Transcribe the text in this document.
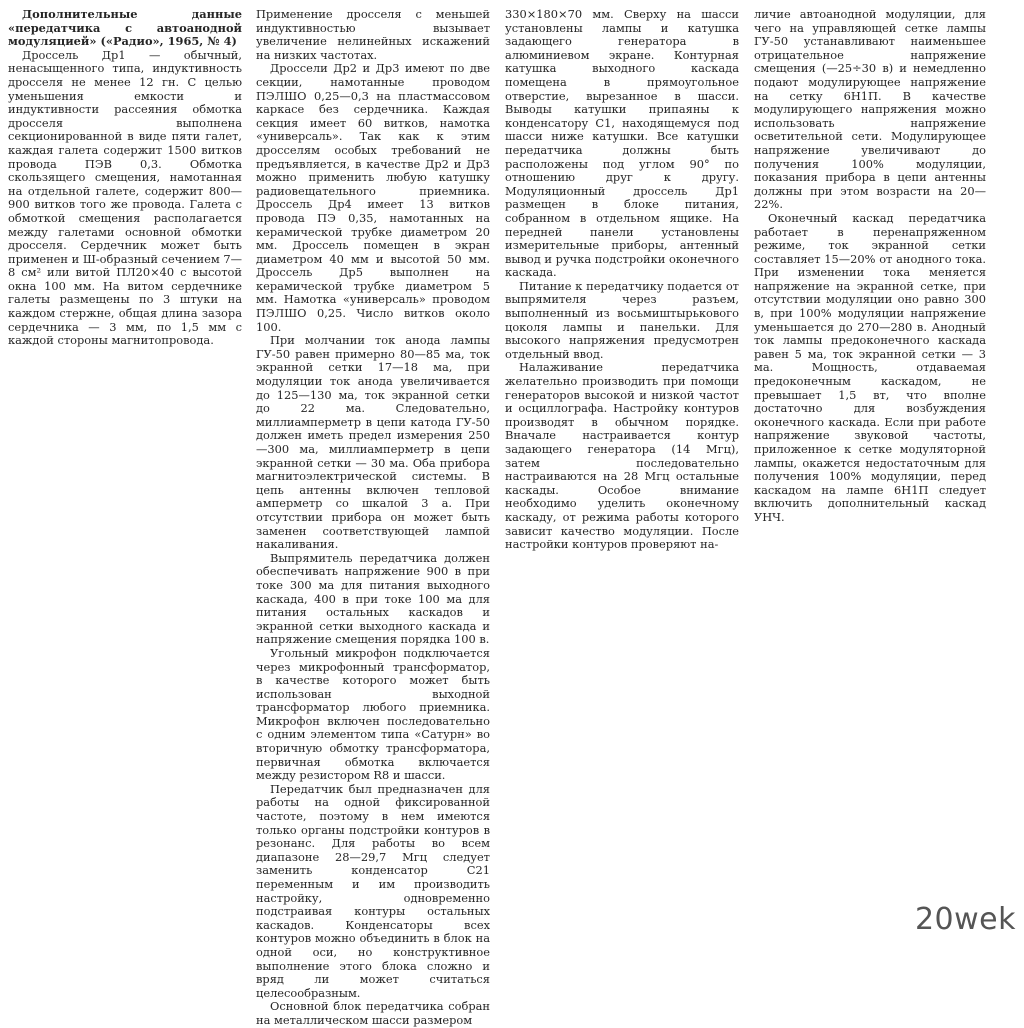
Дополнительные данные «передатчика с автоанодной модуляцией» («Радио», 1965, № 4)

Дроссель Др1 — обычный, ненасыщенного типа, индуктивность дросселя не менее 12 гн. С целью уменьшения емкости и индуктивности рассеяния обмотка дросселя выполнена секционированной в виде пяти галет, каждая галета содержит 1500 витков провода ПЭВ 0,3. Обмотка скользящего смещения, намотанная на отдельной галете, содержит 800—900 витков того же провода. Галета с обмоткой смещения располагается между галетами основной обмотки дросселя. Сердечник может быть применен и Ш-образный сечением 7—8 см² или витой ПЛ20×40 с высотой окна 100 мм. На витом сердечнике галеты размещены по 3 штуки на каждом стержне, общая длина зазора сердечника — 3 мм, по 1,5 мм с каждой стороны магнитопровода.

Применение дросселя с меньшей индуктивностью вызывает увеличение нелинейных искажений на низких частотах.

Дроссели Др2 и Др3 имеют по две секции, намотанные проводом ПЭЛШО 0,25—0,3 на пластмассовом каркасе без сердечника. Каждая секция имеет 60 витков, намотка «универсаль». Так как к этим дросселям особых требований не предъявляется, в качестве Др2 и Др3 можно применить любую катушку радиовещательного приемника. Дроссель Др4 имеет 13 витков провода ПЭ 0,35, намотанных на керамической трубке диаметром 20 мм. Дроссель помещен в экран диаметром 40 мм и высотой 50 мм. Дроссель Др5 выполнен на керамической трубке диаметром 5 мм. Намотка «универсаль» проводом ПЭЛШО 0,25. Число витков около 100.

При молчании ток анода лампы ГУ-50 равен примерно 80—85 ма, ток экранной сетки 17—18 ма, при модуляции ток анода увеличивается до 125—130 ма, ток экранной сетки до 22 ма. Следовательно, миллиамперметр в цепи катода ГУ-50 должен иметь предел измерения 250—300 ма, миллиамперметр в цепи экранной сетки — 30 ма. Оба прибора магнитоэлектрической системы. В цепь антенны включен тепловой амперметр со шкалой 3 а. При отсутствии прибора он может быть заменен соответствующей лампой накаливания.

Выпрямитель передатчика должен обеспечивать напряжение 900 в при токе 300 ма для питания выходного каскада, 400 в при токе 100 ма для питания остальных каскадов и экранной сетки выходного каскада и напряжение смещения порядка 100 в.

Угольный микрофон подключается через микрофонный трансформатор, в качестве которого может быть использован выходной трансформатор любого приемника. Микрофон включен последовательно с одним элементом типа «Сатурн» во вторичную обмотку трансформатора, первичная обмотка включается между резистором R8 и шасси.

Передатчик был предназначен для работы на одной фиксированной частоте, поэтому в нем имеются только органы подстройки контуров в резонанс. Для работы во всем диапазоне 28—29,7 Мгц следует заменить конденсатор С21 переменным и им производить настройку, одновременно подстраивая контуры остальных каскадов. Конденсаторы всех контуров можно объединить в блок на одной оси, но конструктивное выполнение этого блока сложно и вряд ли может считаться целесообразным.

Основной блок передатчика собран на металлическом шасси размером

330×180×70 мм. Сверху на шасси установлены лампы и катушка задающего генератора в алюминиевом экране. Контурная катушка выходного каскада помещена в прямоугольное отверстие, вырезанное в шасси. Выводы катушки припаяны к конденсатору С1, находящемуся под шасси ниже катушки. Все катушки передатчика должны быть расположены под углом 90° по отношению друг к другу. Модуляционный дроссель Др1 размещен в блоке питания, собранном в отдельном ящике. На передней панели установлены измерительные приборы, антенный вывод и ручка подстройки оконечного каскада.

Питание к передатчику подается от выпрямителя через разъем, выполненный из восьмиштырькового цоколя лампы и панельки. Для высокого напряжения предусмотрен отдельный ввод.

Налаживание передатчика желательно производить при помощи генераторов высокой и низкой частот и осциллографа. Настройку контуров производят в обычном порядке. Вначале настраивается контур задающего генератора (14 Мгц), затем последовательно настраиваются на 28 Мгц остальные каскады. Особое внимание необходимо уделить оконечному каскаду, от режима работы которого зависит качество модуляции. После настройки контуров проверяют на-

личие автоанодной модуляции, для чего на управляющей сетке лампы ГУ-50 устанавливают наименьшее отрицательное напряжение смещения (—25÷30 в) и немедленно подают модулирующее напряжение на сетку 6Н1П. В качестве модулирующего напряжения можно использовать напряжение осветительной сети. Модулирующее напряжение увеличивают до получения 100% модуляции, показания прибора в цепи антенны должны при этом возрасти на 20—22%.

Оконечный каскад передатчика работает в перенапряженном режиме, ток экранной сетки составляет 15—20% от анодного тока. При изменении тока меняется напряжение на экранной сетке, при отсутствии модуляции оно равно 300 в, при 100% модуляции напряжение уменьшается до 270—280 в. Анодный ток лампы предоконечного каскада равен 5 ма, ток экранной сетки — 3 ма. Мощность, отдаваемая предоконечным каскадом, не превышает 1,5 вт, что вполне достаточно для возбуждения оконечного каскада. Если при работе напряжение звуковой частоты, приложенное к сетке модуляторной лампы, окажется недостаточным для получения 100% модуляции, перед каскадом на лампе 6Н1П следует включить дополнительный каскад УНЧ.

20wek
